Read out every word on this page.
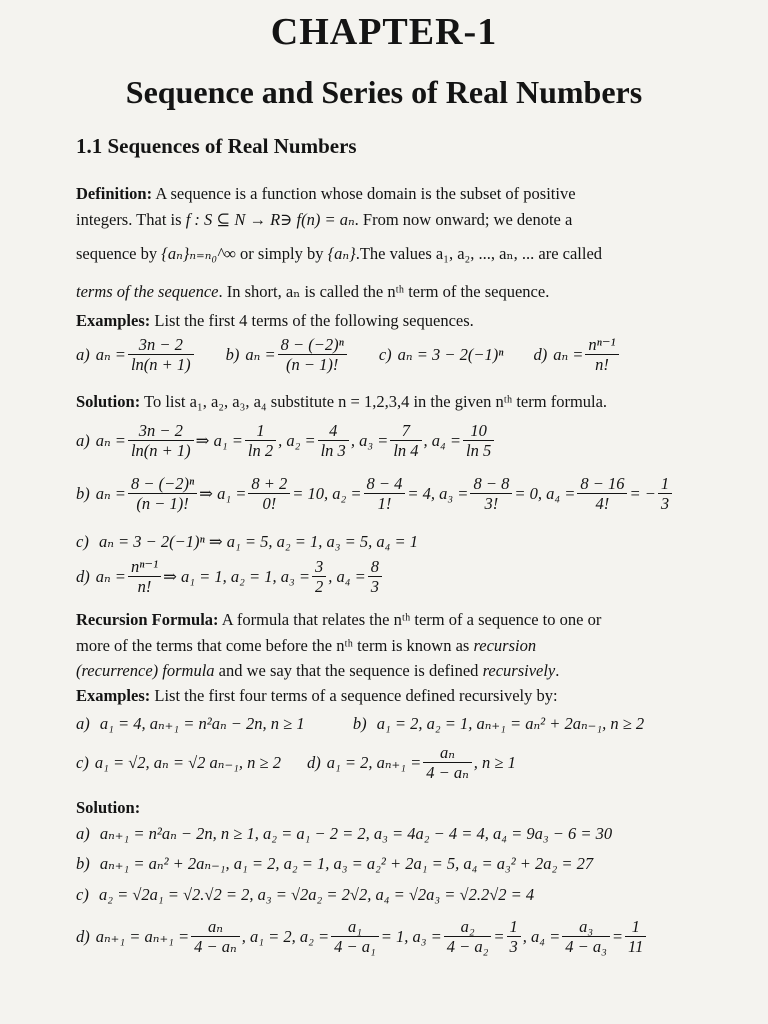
CHAPTER-1
Sequence and Series of Real Numbers
1.1 Sequences of Real Numbers
Definition: A sequence is a function whose domain is the subset of positive
integers. That is f : S ⊆ N → R∋ f(n) = aₙ. From now onward; we denote a
sequence by {aₙ}ₙ₌ₙ₀^∞ or simply by {aₙ}.The values a₁, a₂, ..., aₙ, ... are called
terms of the sequence. In short, aₙ is called the nᵗʰ term of the sequence.
Examples: List the first 4 terms of the following sequences.
a) $a_n = \frac{3n - 2}{\ln(n + 1)} b$) $a_n = \frac{\text{8 − (−2)ⁿ}}{(n - 1)!} c$) aₙ = 3 − 2(−1)ⁿ d) $a_n = \frac{\text{nⁿ⁻¹}}{n!}$
Solution: To list a₁, a₂, a₃, a₄ substitute n = 1,2,3,4 in the given nᵗʰ term formula.
a) $a_n = \frac{3n - 2}{\ln(n + 1)}$ ⇒ $a_1 = \frac{1}{\ln 2}$ , $a_2 = \frac{4}{\ln 3}$ , $a_3 = \frac{7}{\ln 4}$ , $a_4 = \frac{10}{\ln 5}$
b) $a_n = \frac{\text{8 − (−2)ⁿ}}{(n - 1)!}$ ⇒ $a_1 = \frac{8 + 2}{0!} = 10$, $a_2 = \frac{8 - 4}{1!} = 4$, $a_3 = \frac{8 - 8}{3!} = 0$, $a_4 = \frac{8 - 16}{4!}$ = − $\frac{1}{3}$
c) aₙ = 3 − 2(−1)ⁿ ⇒ a₁ = 5, a₂ = 1, a₃ = 5, a₄ = 1
d) $a_n = \frac{\text{nⁿ⁻¹}}{n!}$ ⇒ a₁ = 1, a₂ = 1, $a_3 = \frac{3}{2}$ , $a_4 = \frac{8}{3}$
Recursion Formula: A formula that relates the nᵗʰ term of a sequence to one or
more of the terms that come before the nᵗʰ term is known as recursion
(recurrence) formula and we say that the sequence is defined recursively.
Examples: List the first four terms of a sequence defined recursively by:
a) a₁ = 4, aₙ₊₁ = n²aₙ − 2n, n ≥ 1	b) a₁ = 2, a₂ = 1, aₙ₊₁ = aₙ² + 2aₙ₋₁, n ≥ 2
c) a₁ = √2, aₙ = √2 aₙ₋₁, n ≥ 2 d) a₁ = 2, $a_{n+1} = \frac{\text{aₙ}}{\text{4 − aₙ}}$ , n ≥ 1
Solution:
a) aₙ₊₁ = n²aₙ − 2n, n ≥ 1, a₂ = a₁ − 2 = 2, a₃ = 4a₂ − 4 = 4, a₄ = 9a₃ − 6 = 30
b) aₙ₊₁ = aₙ² + 2aₙ₋₁, a₁ = 2, a₂ = 1, a₃ = a₂² + 2a₁ = 5, a₄ = a₃² + 2a₂ = 27
c) a₂ = √2a₁ = √2.√2 = 2, a₃ = √2a₂ = 2√2, a₄ = √2a₃ = √2.2√2 = 4
d) $a_{n+1} = a_{n+1} = \frac{\text{aₙ}}{\text{4 − aₙ}}$ , a₁ = 2, $a_2 = \frac{\text{a₁}}{\text{4 − a₁}} = 1$, $a_3 = \frac{\text{a₂}}{\text{4 − a₂}} = \frac{1}{3}$ , $a_4 = \frac{\text{a₃}}{\text{4 − a₃}} = \frac{1}{11}$
